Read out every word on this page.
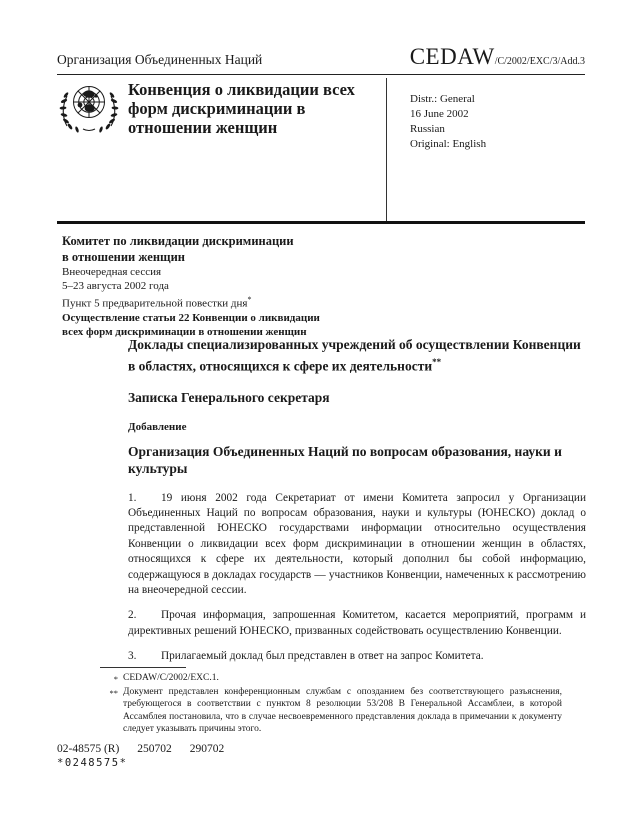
Организация Объединенных Наций	CEDAW /C/2002/EXC/3/Add.3
Конвенция о ликвидации всех
форм дискриминации в
отношении женщин
Distr.: General
16 June 2002
Russian
Original: English
Комитет по ликвидации дискриминации
в отношении женщин
Внеочередная сессия
5–23 августа 2002 года
Пункт 5 предварительной повестки дня*
Осуществление статьи 22 Конвенции о ликвидации
всех форм дискриминации в отношении женщин

Доклады специализированных учреждений об осуществлении Конвенции в областях, относящихся к сфере их деятельности**

Записка Генерального секретаря

Добавление

Организация Объединенных Наций по вопросам образования, науки и культуры

1. 19 июня 2002 года Секретариат от имени Комитета запросил у Организации Объединенных Наций по вопросам образования, науки и культуры (ЮНЕСКО) доклад о представленной ЮНЕСКО государствами информации относительно осуществления Конвенции о ликвидации всех форм дискриминации в отношении женщин в областях, относящихся к сфере их деятельности, который дополнил бы собой информацию, содержащуюся в докладах государств — участников Конвенции, намеченных к рассмотрению на внеочередной сессии.

2. Прочая информация, запрошенная Комитетом, касается мероприятий, программ и директивных решений ЮНЕСКО, призванных содействовать осуществлению Конвенции.

3. Прилагаемый доклад был представлен в ответ на запрос Комитета.

* CEDAW/C/2002/EXC.1.
** Документ представлен конференционным службам с опозданием без соответствующего разъяснения, требующегося в соответствии с пунктом 8 резолюции 53/208 В Генеральной Ассамблеи, в которой Ассамблея постановила, что в случае несвоевременного представления доклада в примечании к документу следует указывать причины этого.
02-48575 (R) 250702 290702
*0248575*
